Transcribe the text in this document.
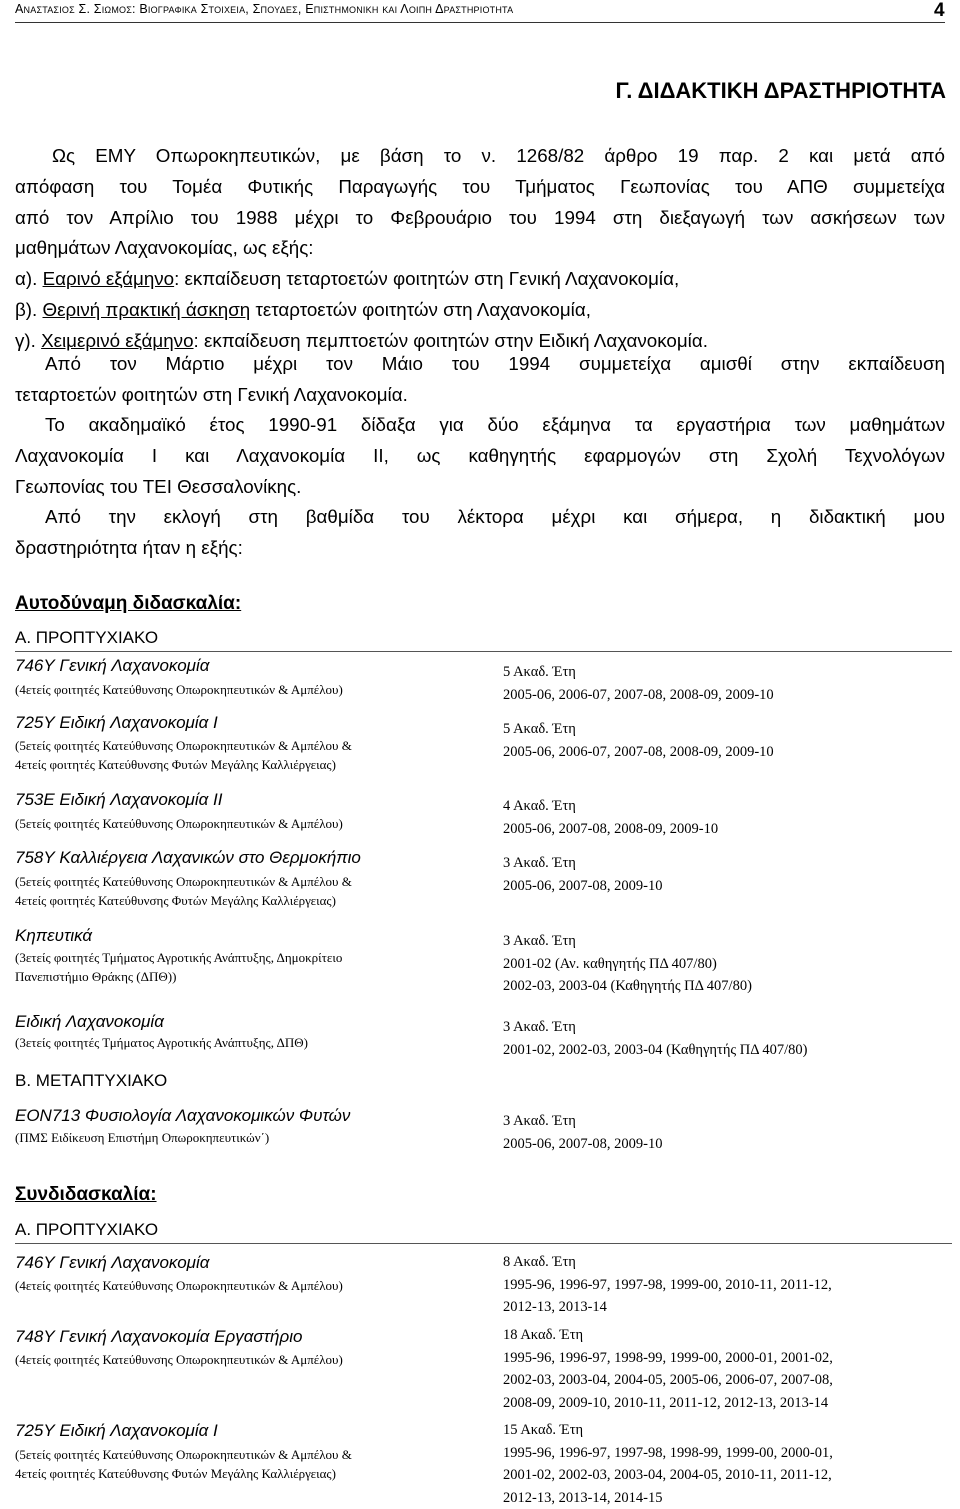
Αναστασιος Σ. Σιωμος: Βιογραφικα Στοιχεια, Σπουδες, Επιστημονικη και Λοιπη Δραστηριοτητα	4
Γ. ΔΙΔΑΚΤΙΚΗ ΔΡΑΣΤΗΡΙΟΤΗΤΑ
Ως ΕΜΥ Οπωροκηπευτικών, με βάση το ν. 1268/82 άρθρο 19 παρ. 2 και μετά από
απόφαση του Τομέα Φυτικής Παραγωγής του Τμήματος Γεωπονίας του ΑΠΘ συμμετείχα
από τον Απρίλιο του 1988 μέχρι το Φεβρουάριο του 1994 στη διεξαγωγή των ασκήσεων των
μαθημάτων Λαχανοκομίας, ως εξής:
α). Εαρινό εξάμηνο: εκπαίδευση τεταρτοετών φοιτητών στη Γενική Λαχανοκομία,
β). Θερινή πρακτική άσκηση τεταρτοετών φοιτητών στη Λαχανοκομία,
γ). Χειμερινό εξάμηνο: εκπαίδευση πεμπτοετών φοιτητών στην Ειδική Λαχανοκομία.
Από τον Μάρτιο μέχρι τον Μάιο του 1994 συμμετείχα αμισθί στην εκπαίδευση
τεταρτοετών φοιτητών στη Γενική Λαχανοκομία.
Το ακαδημαϊκό έτος 1990-91 δίδαξα για δύο εξάμηνα τα εργαστήρια των μαθημάτων
Λαχανοκομία Ι και Λαχανοκομία ΙΙ, ως καθηγητής εφαρμογών στη Σχολή Τεχνολόγων
Γεωπονίας του ΤΕΙ Θεσσαλονίκης.
Από την εκλογή στη βαθμίδα του λέκτορα μέχρι και σήμερα, η διδακτική μου
δραστηριότητα ήταν η εξής:
Αυτοδύναμη διδασκαλία:
Α. ΠΡΟΠΤΥΧΙΑΚΟ
746Υ Γενική Λαχανοκομία
(4ετείς φοιτητές Κατεύθυνσης Οπωροκηπευτικών & Αμπέλου)
5 Ακαδ. Έτη
2005-06, 2006-07, 2007-08, 2008-09, 2009-10
725Υ Ειδική Λαχανοκομία Ι
(5ετείς φοιτητές Κατεύθυνσης Οπωροκηπευτικών & Αμπέλου &
4ετείς φοιτητές Κατεύθυνσης Φυτών Μεγάλης Καλλιέργειας)
5 Ακαδ. Έτη
2005-06, 2006-07, 2007-08, 2008-09, 2009-10
753Ε Ειδική Λαχανοκομία ΙΙ
(5ετείς φοιτητές Κατεύθυνσης Οπωροκηπευτικών & Αμπέλου)
4 Ακαδ. Έτη
2005-06, 2007-08, 2008-09, 2009-10
758Υ Καλλιέργεια Λαχανικών στο Θερμοκήπιο
(5ετείς φοιτητές Κατεύθυνσης Οπωροκηπευτικών & Αμπέλου &
4ετείς φοιτητές Κατεύθυνσης Φυτών Μεγάλης Καλλιέργειας)
3 Ακαδ. Έτη
2005-06, 2007-08, 2009-10
Κηπευτικά
(3ετείς φοιτητές Τμήματος Αγροτικής Ανάπτυξης, Δημοκρίτειο
Πανεπιστήμιο Θράκης (ΔΠΘ))
3 Ακαδ. Έτη
2001-02 (Αν. καθηγητής ΠΔ 407/80)
2002-03, 2003-04 (Καθηγητής ΠΔ 407/80)
Ειδική Λαχανοκομία
(3ετείς φοιτητές Τμήματος Αγροτικής Ανάπτυξης, ΔΠΘ)
3 Ακαδ. Έτη
2001-02, 2002-03, 2003-04 (Καθηγητής ΠΔ 407/80)
Β. ΜΕΤΑΠΤΥΧΙΑΚΟ
ΕΟΝ713 Φυσιολογία Λαχανοκομικών Φυτών
(ΠΜΣ Ειδίκευση Επιστήμη Οπωροκηπευτικών΄)
3 Ακαδ. Έτη
2005-06, 2007-08, 2009-10
Συνδιδασκαλία:
Α. ΠΡΟΠΤΥΧΙΑΚΟ
746Υ Γενική Λαχανοκομία
(4ετείς φοιτητές Κατεύθυνσης Οπωροκηπευτικών & Αμπέλου)
8 Ακαδ. Έτη
1995-96, 1996-97, 1997-98, 1999-00, 2010-11, 2011-12,
2012-13, 2013-14
748Υ Γενική Λαχανοκομία Εργαστήριο
(4ετείς φοιτητές Κατεύθυνσης Οπωροκηπευτικών & Αμπέλου)
18 Ακαδ. Έτη
1995-96, 1996-97, 1998-99, 1999-00, 2000-01, 2001-02,
2002-03, 2003-04, 2004-05, 2005-06, 2006-07, 2007-08,
2008-09, 2009-10, 2010-11, 2011-12, 2012-13, 2013-14
725Υ Ειδική Λαχανοκομία Ι
(5ετείς φοιτητές Κατεύθυνσης Οπωροκηπευτικών & Αμπέλου &
4ετείς φοιτητές Κατεύθυνσης Φυτών Μεγάλης Καλλιέργειας)
15 Ακαδ. Έτη
1995-96, 1996-97, 1997-98, 1998-99, 1999-00, 2000-01,
2001-02, 2002-03, 2003-04, 2004-05, 2010-11, 2011-12,
2012-13, 2013-14, 2014-15
